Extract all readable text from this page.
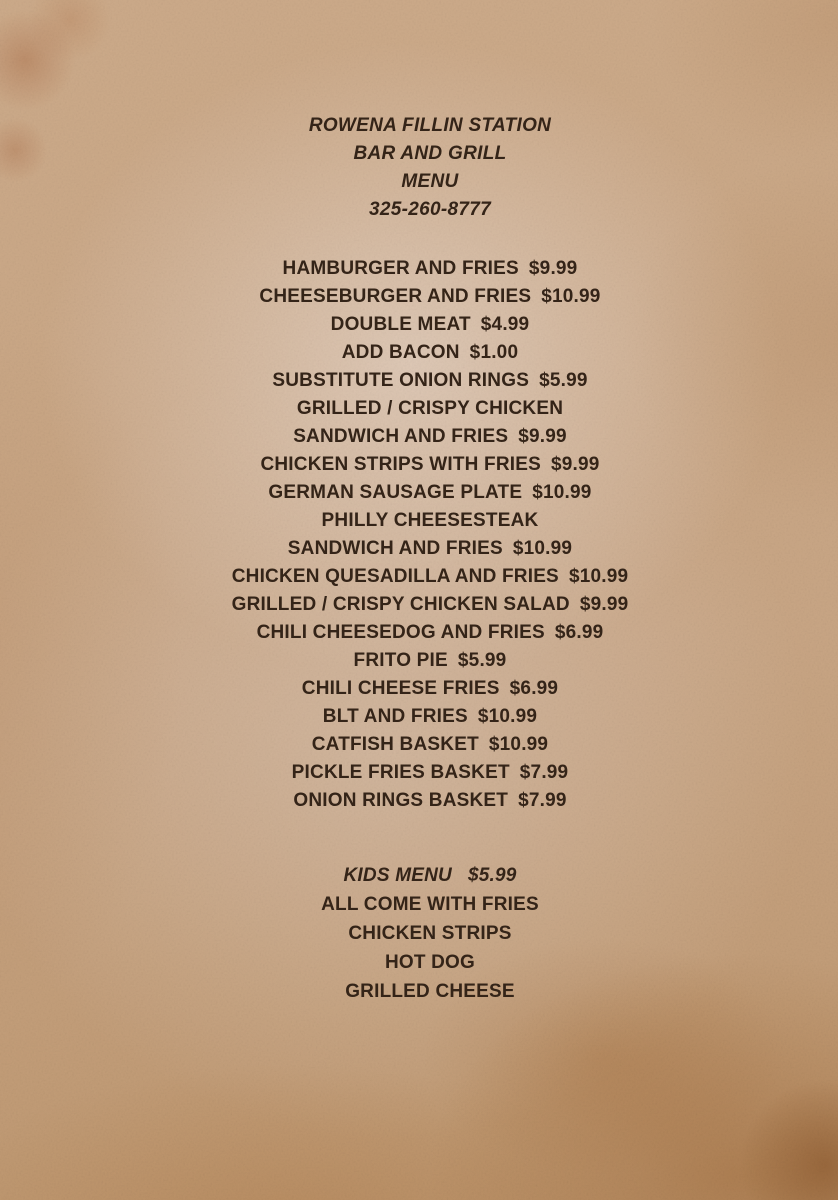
ROWENA FILLIN STATION
BAR AND GRILL
MENU
325-260-8777
HAMBURGER AND FRIES $9.99
CHEESEBURGER AND FRIES $10.99
DOUBLE MEAT $4.99
ADD BACON $1.00
SUBSTITUTE ONION RINGS $5.99
GRILLED / CRISPY CHICKEN
SANDWICH AND FRIES $9.99
CHICKEN STRIPS WITH FRIES $9.99
GERMAN SAUSAGE PLATE $10.99
PHILLY CHEESESTEAK
SANDWICH AND FRIES $10.99
CHICKEN QUESADILLA AND FRIES $10.99
GRILLED / CRISPY CHICKEN SALAD $9.99
CHILI CHEESEDOG AND FRIES $6.99
FRITO PIE $5.99
CHILI CHEESE FRIES $6.99
BLT AND FRIES $10.99
CATFISH BASKET $10.99
PICKLE FRIES BASKET $7.99
ONION RINGS BASKET $7.99
KIDS MENU $5.99
ALL COME WITH FRIES
CHICKEN STRIPS
HOT DOG
GRILLED CHEESE
